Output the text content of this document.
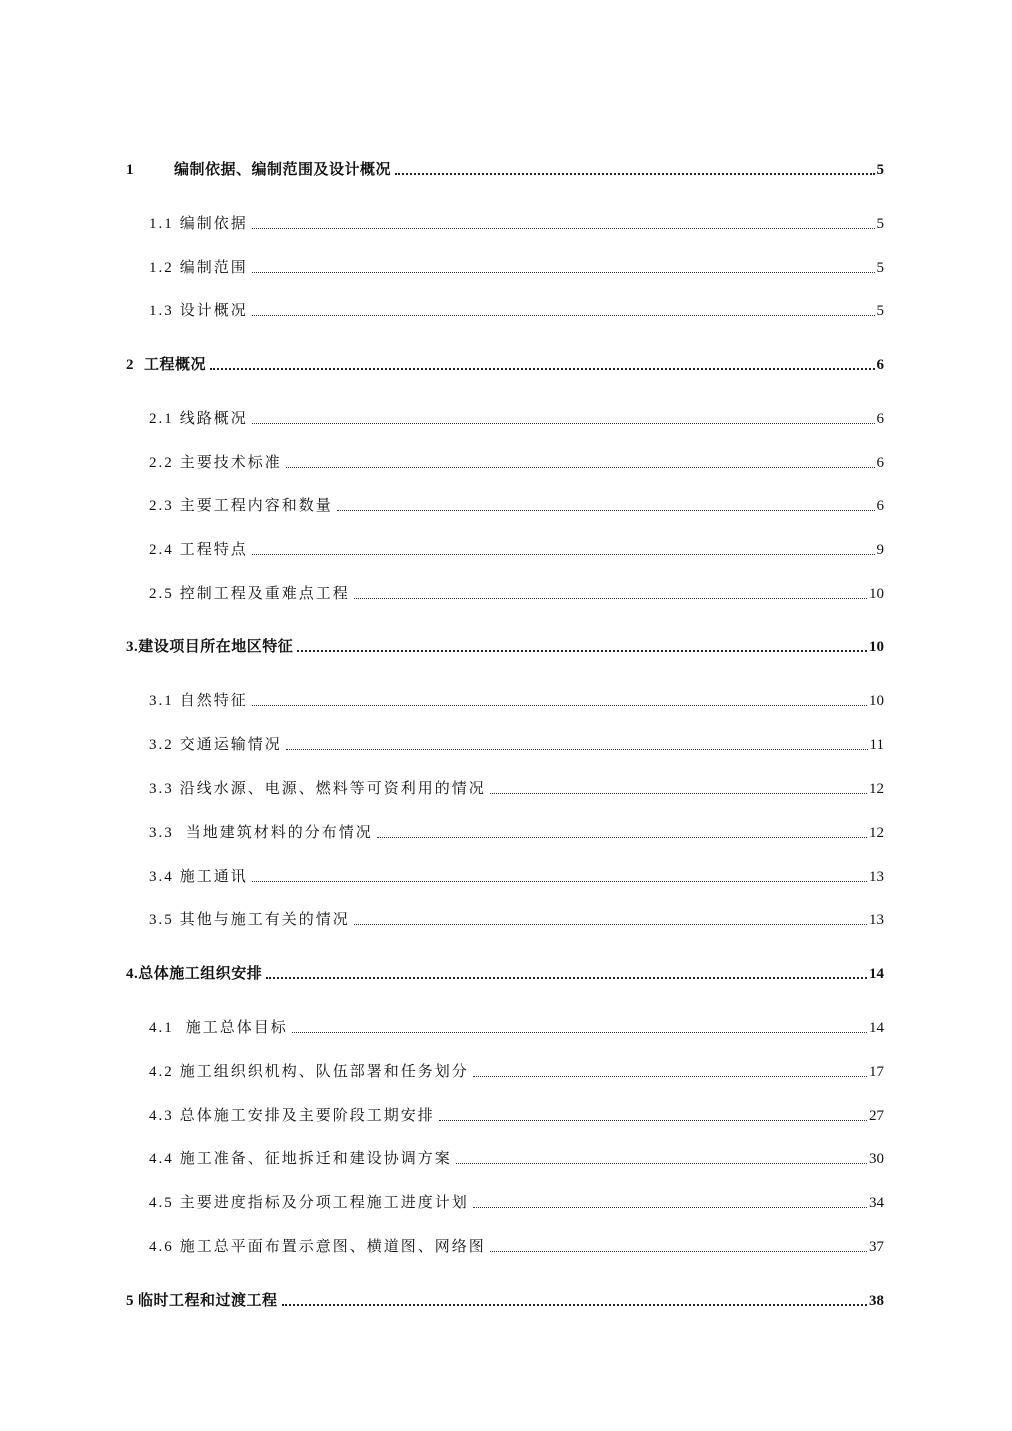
1	编制依据、编制范围及设计概况	5
1.1 编制依据	5
1.2 编制范围	5
1.3 设计概况	5
2 工程概况	6
2.1 线路概况	6
2.2 主要技术标准	6
2.3 主要工程内容和数量	6
2.4 工程特点	9
2.5 控制工程及重难点工程	10
3. 建设项目所在地区特征	10
3.1 自然特征	10
3.2 交通运输情况	11
3.3 沿线水源、电源、燃料等可资利用的情况	12
3.3 当地建筑材料的分布情况	12
3.4 施工通讯	13
3.5 其他与施工有关的情况	13
4. 总体施工组织安排	14
4.1 施工总体目标	14
4.2 施工组织织机构、队伍部署和任务划分	17
4.3 总体施工安排及主要阶段工期安排	27
4.4 施工准备、征地拆迁和建设协调方案	30
4.5 主要进度指标及分项工程施工进度计划	34
4.6 施工总平面布置示意图、横道图、网络图	37
5 临时工程和过渡工程	38
